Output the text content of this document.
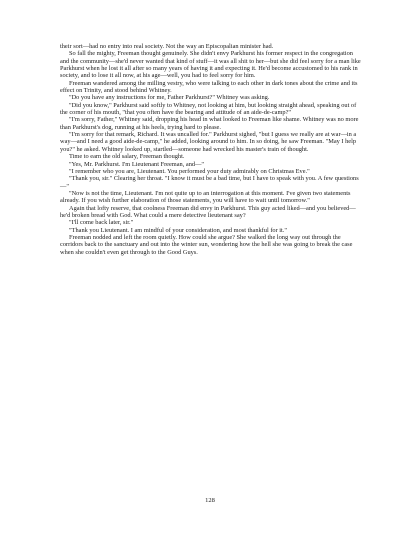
their sort—had no entry into real society. Not the way an Episcopalian minister had.

So fall the mighty, Freeman thought genuinely. She didn't envy Parkhurst his former respect in the congregation and the community—she'd never wanted that kind of stuff—it was all shit to her—but she did feel sorry for a man like Parkhurst when he lost it all after so many years of having it and expecting it. He'd become accustomed to his rank in society, and to lose it all now, at his age—well, you had to feel sorry for him.

Freeman wandered among the milling vestry, who were talking to each other in dark tones about the crime and its effect on Trinity, and stood behind Whitney.

"Do you have any instructions for me, Father Parkhurst?" Whitney was asking.

"Did you know," Parkhurst said softly to Whitney, not looking at him, but looking straight ahead, speaking out of the corner of his mouth, "that you often have the bearing and attitude of an aide-de-camp?"

"I'm sorry, Father," Whitney said, dropping his head in what looked to Freeman like shame. Whitney was no more than Parkhurst's dog, running at his heels, trying hard to please.

"I'm sorry for that remark, Richard. It was uncalled for." Parkhurst sighed, "but I guess we really are at war—in a way—and I need a good aide-de-camp," he added, looking around to him. In so doing, he saw Freeman. "May I help you?" he asked. Whitney looked up, startled—someone had wrecked his master's train of thought.

Time to earn the old salary, Freeman thought.

"Yes, Mr. Parkhurst. I'm Lieutenant Freeman, and—"

"I remember who you are, Lieutenant. You performed your duty admirably on Christmas Eve."

"Thank you, sir." Clearing her throat. "I know it must be a bad time, but I have to speak with you. A few questions—"

"Now is not the time, Lieutenant. I'm not quite up to an interrogation at this moment. I've given two statements already. If you wish further elaboration of those statements, you will have to wait until tomorrow."

Again that lofty reserve, that coolness Freeman did envy in Parkhurst. This guy acted liked—and you believed—he'd broken bread with God. What could a mere detective lieutenant say?

"I'll come back later, sir."

"Thank you Lieutenant. I am mindful of your consideration, and most thankful for it."

Freeman nodded and left the room quietly. How could she argue? She walked the long way out through the corridors back to the sanctuary and out into the winter sun, wondering how the hell she was going to break the case when she couldn't even get through to the Good Guys.

128
